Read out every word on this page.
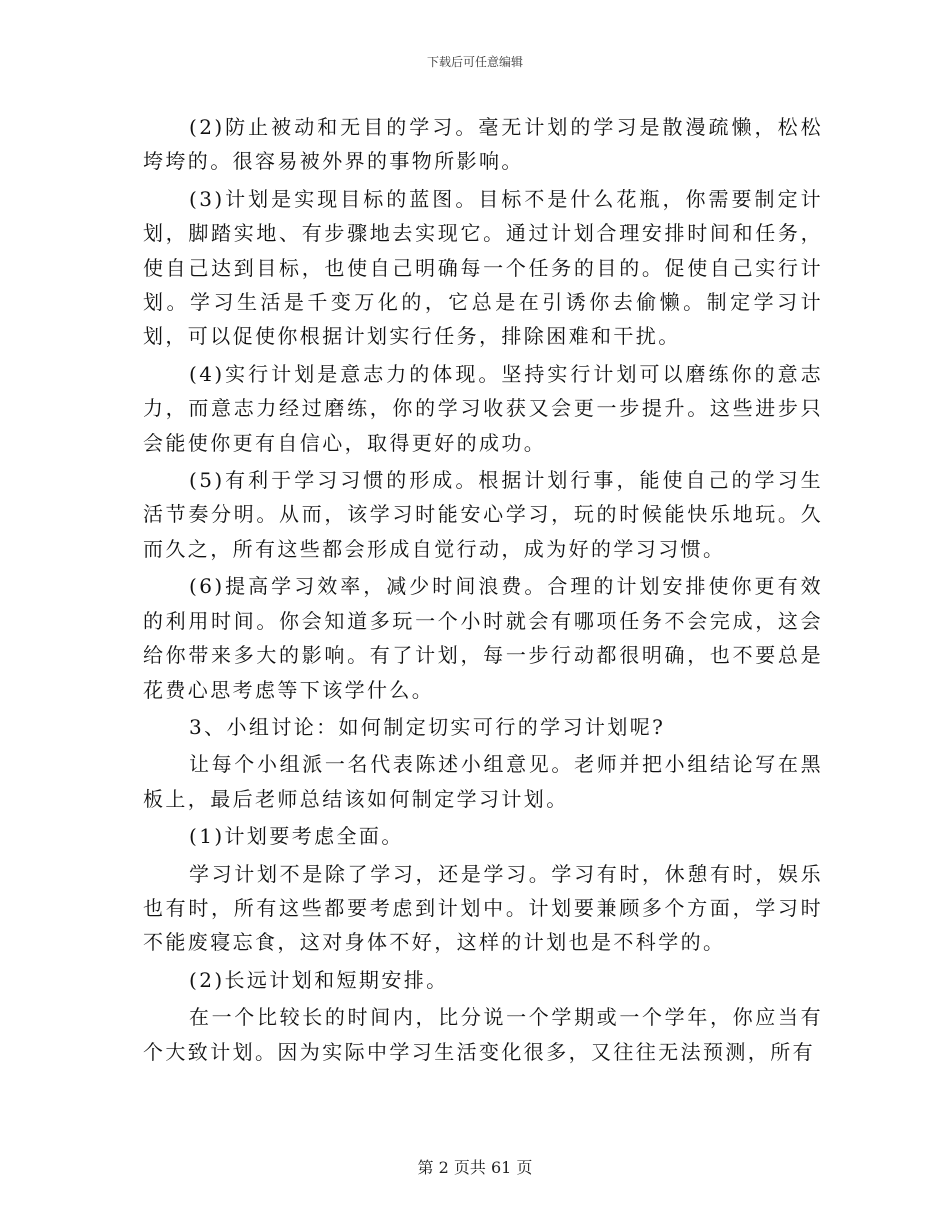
下载后可任意编辑

(2)防止被动和无目的学习。毫无计划的学习是散漫疏懒，松松垮垮的。很容易被外界的事物所影响。

(3)计划是实现目标的蓝图。目标不是什么花瓶，你需要制定计划，脚踏实地、有步骤地去实现它。通过计划合理安排时间和任务，使自己达到目标，也使自己明确每一个任务的目的。促使自己实行计划。学习生活是千变万化的，它总是在引诱你去偷懒。制定学习计划，可以促使你根据计划实行任务，排除困难和干扰。

(4)实行计划是意志力的体现。坚持实行计划可以磨练你的意志力，而意志力经过磨练，你的学习收获又会更一步提升。这些进步只会能使你更有自信心，取得更好的成功。

(5)有利于学习习惯的形成。根据计划行事，能使自己的学习生活节奏分明。从而，该学习时能安心学习，玩的时候能快乐地玩。久而久之，所有这些都会形成自觉行动，成为好的学习习惯。

(6)提高学习效率，减少时间浪费。合理的计划安排使你更有效的利用时间。你会知道多玩一个小时就会有哪项任务不会完成，这会给你带来多大的影响。有了计划，每一步行动都很明确，也不要总是花费心思考虑等下该学什么。

3、小组讨论：如何制定切实可行的学习计划呢?

让每个小组派一名代表陈述小组意见。老师并把小组结论写在黑板上，最后老师总结该如何制定学习计划。

(1)计划要考虑全面。

学习计划不是除了学习，还是学习。学习有时，休憩有时，娱乐也有时，所有这些都要考虑到计划中。计划要兼顾多个方面，学习时不能废寝忘食，这对身体不好，这样的计划也是不科学的。

(2)长远计划和短期安排。

在一个比较长的时间内，比分说一个学期或一个学年，你应当有个大致计划。因为实际中学习生活变化很多，又往往无法预测，所有

第 2 页共 61 页
